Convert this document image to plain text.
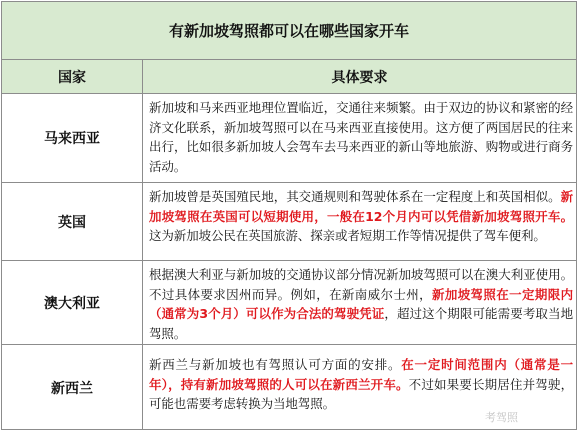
有新加坡驾照都可以在哪些国家开车
国家	具体要求
马来西亚
新加坡和马来西亚地理位置临近，交通往来频繁。由于双边的协议和紧密的经济文化联系，新加坡驾照可以在马来西亚直接使用。这方便了两国居民的往来出行，比如很多新加坡人会驾车去马来西亚的新山等地旅游、购物或进行商务活动。
英国
新加坡曾是英国殖民地，其交通规则和驾驶体系在一定程度上和英国相似。新加坡驾照在英国可以短期使用，一般在12个月内可以凭借新加坡驾照开车。这为新加坡公民在英国旅游、探亲或者短期工作等情况提供了驾车便利。
澳大利亚
根据澳大利亚与新加坡的交通协议部分情况新加坡驾照可以在澳大利亚使用。不过具体要求因州而异。例如，在新南威尔士州，新加坡驾照在一定期限内（通常为3个月）可以作为合法的驾驶凭证，超过这个期限可能需要考取当地驾照。
新西兰
新西兰与新加坡也有驾照认可方面的安排。在一定时间范围内（通常是一年），持有新加坡驾照的人可以在新西兰开车。不过如果要长期居住并驾驶，可能也需要考虑转换为当地驾照。
考驾照
